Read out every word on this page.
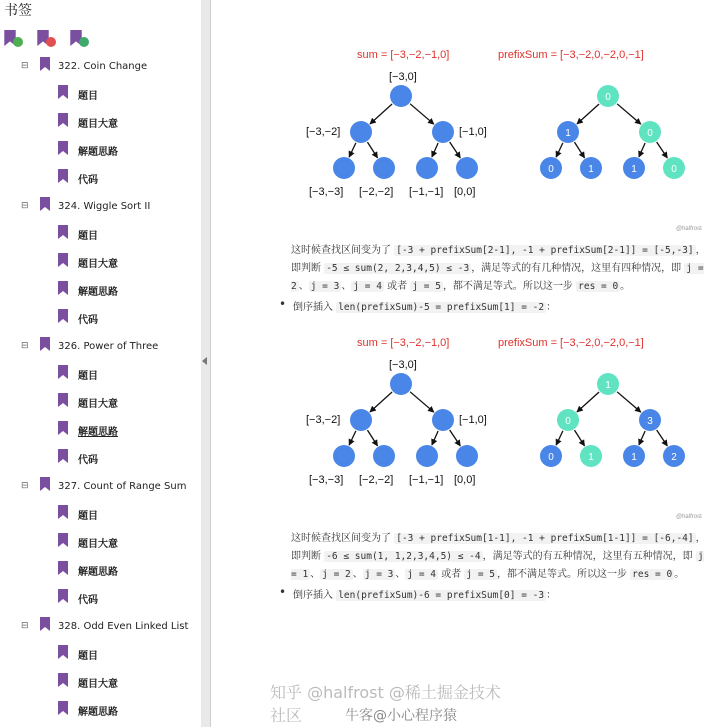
书签
⊟	322. Coin Change
题目
题目大意
解题思路
代码
⊟	324. Wiggle Sort II
题目
题目大意
解题思路
代码
⊟	326. Power of Three
题目
题目大意
解题思路
代码
⊟	327. Count of Range Sum
题目
题目大意
解题思路
代码
⊟	328. Odd Even Linked List
题目
题目大意
解题思路
sum = [−3,−2,−1,0]	prefixSum = [−3,−2,0,−2,0,−1]
[−3,0]
[−3,−2]	[−1,0]
[−3,−3] [−2,−2] [−1,−1] [0,0]
0
1	0
0	1	1	0
@halfrost
这时候查找区间变为了 [-3 + prefixSum[2-1], -1 + prefixSum[2-1]] = [-5,-3] ，即判断 -5 ≤ sum(2, 2,3,4,5) ≤ -3 ，满足等式的有几种情况，这里有四种情况，即 j = 2 、 j = 3 、 j = 4 或者 j = 5 ，都不满足等式。所以这一步 res = 0 。
• 倒序插入 len(prefixSum)-5 = prefixSum[1] = -2 ：
sum = [−3,−2,−1,0]	prefixSum = [−3,−2,0,−2,0,−1]
[−3,0]
[−3,−2]	[−1,0]
[−3,−3] [−2,−2] [−1,−1] [0,0]
1
0	3
0	1	1	2
@halfrost
这时候查找区间变为了 [-3 + prefixSum[1-1], -1 + prefixSum[1-1]] = [-6,-4] ，即判断 -6 ≤ sum(1, 1,2,3,4,5) ≤ -4 ，满足等式的有五种情况，这里有五种情况，即 j = 1 、 j = 2 、 j = 3 、 j = 4 或者 j = 5 ，都不满足等式。所以这一步 res = 0 。
• 倒序插入 len(prefixSum)-6 = prefixSum[0] = -3 ：
知乎 @halfrost @稀土掘金技术社区	牛客@小心程序猿
